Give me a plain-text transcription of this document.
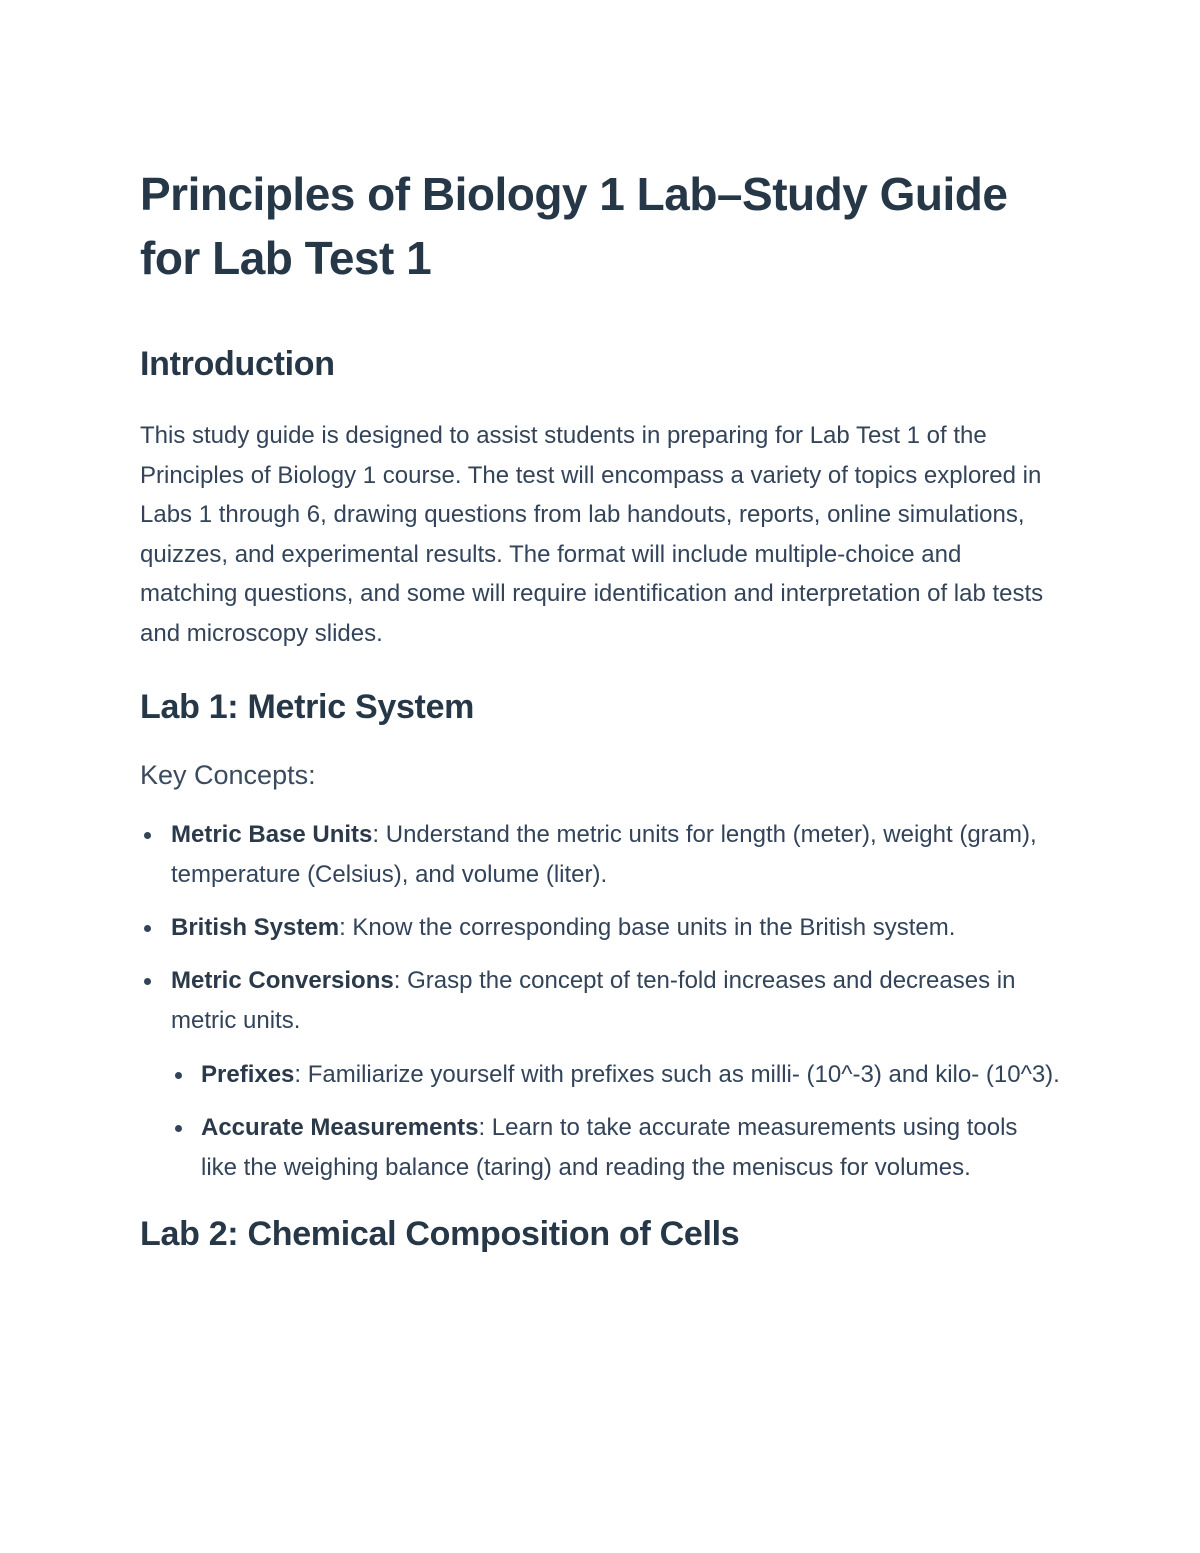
Principles of Biology 1 Lab–Study Guide for Lab Test 1
Introduction

This study guide is designed to assist students in preparing for Lab Test 1 of the Principles of Biology 1 course. The test will encompass a variety of topics explored in Labs 1 through 6, drawing questions from lab handouts, reports, online simulations, quizzes, and experimental results. The format will include multiple-choice and matching questions, and some will require identification and interpretation of lab tests and microscopy slides.

Lab 1: Metric System

Key Concepts:

Metric Base Units: Understand the metric units for length (meter), weight (gram), temperature (Celsius), and volume (liter).
British System: Know the corresponding base units in the British system.
Metric Conversions: Grasp the concept of ten-fold increases and decreases in metric units.
Prefixes: Familiarize yourself with prefixes such as milli- (10^-3) and kilo- (10^3).
Accurate Measurements: Learn to take accurate measurements using tools like the weighing balance (taring) and reading the meniscus for volumes.
Lab 2: Chemical Composition of Cells
